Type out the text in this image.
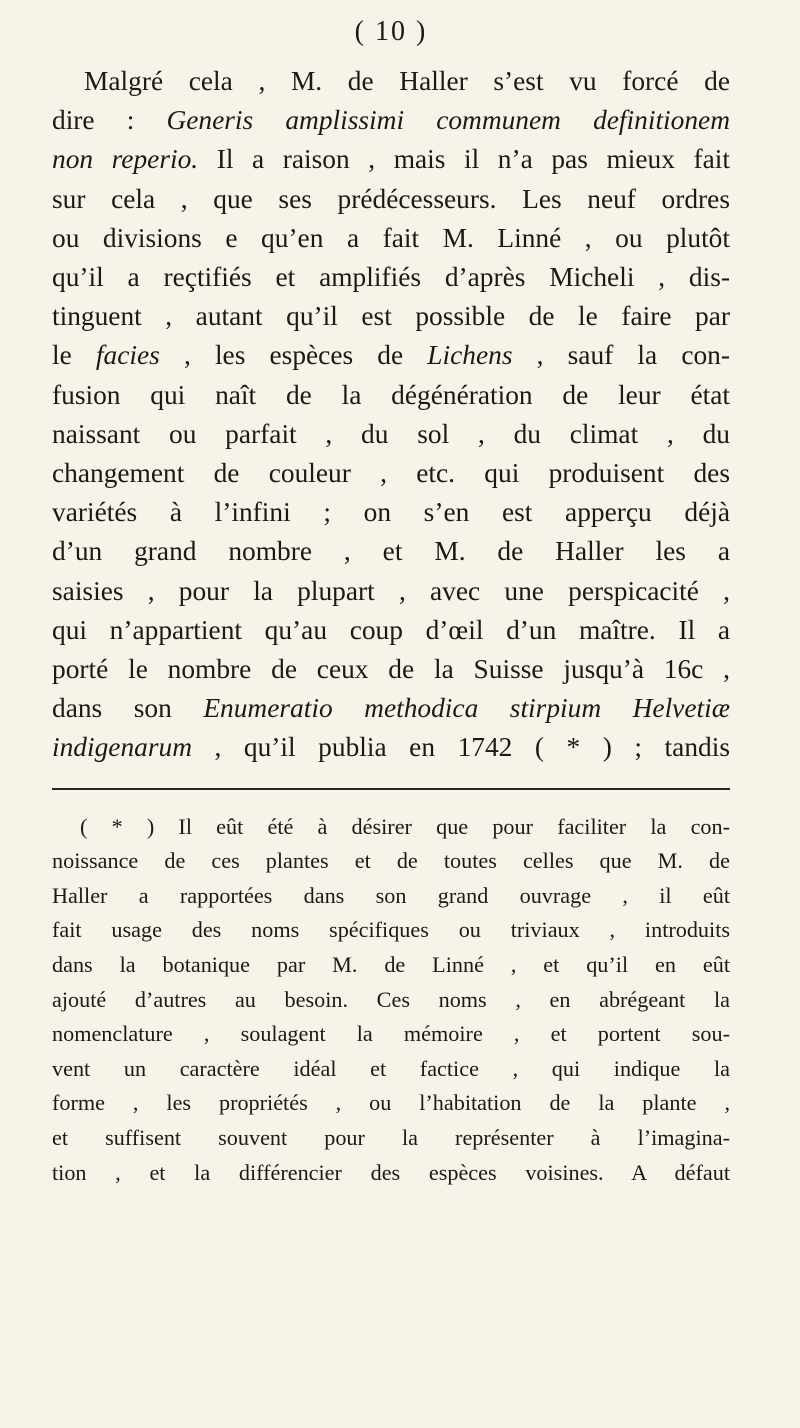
( 10 )
Malgré cela , M. de Haller s’est vu forcé de
dire : Generis amplissimi communem definitionem
non reperio. Il a raison , mais il n’a pas mieux fait
sur cela , que ses prédécesseurs. Les neuf ordres
ou divisions e qu’en a fait M. Linné , ou plutôt
qu’il a reçtifiés et amplifiés d’après Micheli , dis-
tinguent , autant qu’il est possible de le faire par
le facies , les espèces de Lichens , sauf la con-
fusion qui naît de la dégénération de leur état
naissant ou parfait , du sol , du climat , du
changement de couleur , etc. qui produisent des
variétés à l’infini ; on s’en est apperçu déjà
d’un grand nombre , et M. de Haller les a
saisies , pour la plupart , avec une perspicacité ,
qui n’appartient qu’au coup d’œil d’un maître. Il a
porté le nombre de ceux de la Suisse jusqu’à 16c ,
dans son Enumeratio methodica stirpium Helvetiæ
indigenarum , qu’il publia en 1742 ( * ) ; tandis
( * ) Il eût été à désirer que pour faciliter la con-
noissance de ces plantes et de toutes celles que M. de
Haller a rapportées dans son grand ouvrage , il eût
fait usage des noms spécifiques ou triviaux , introduits
dans la botanique par M. de Linné , et qu’il en eût
ajouté d’autres au besoin. Ces noms , en abrégeant la
nomenclature , soulagent la mémoire , et portent sou-
vent un caractère idéal et factice , qui indique la
forme , les propriétés , ou l’habitation de la plante ,
et suffisent souvent pour la représenter à l’imagina-
tion , et la différencier des espèces voisines. A défaut
